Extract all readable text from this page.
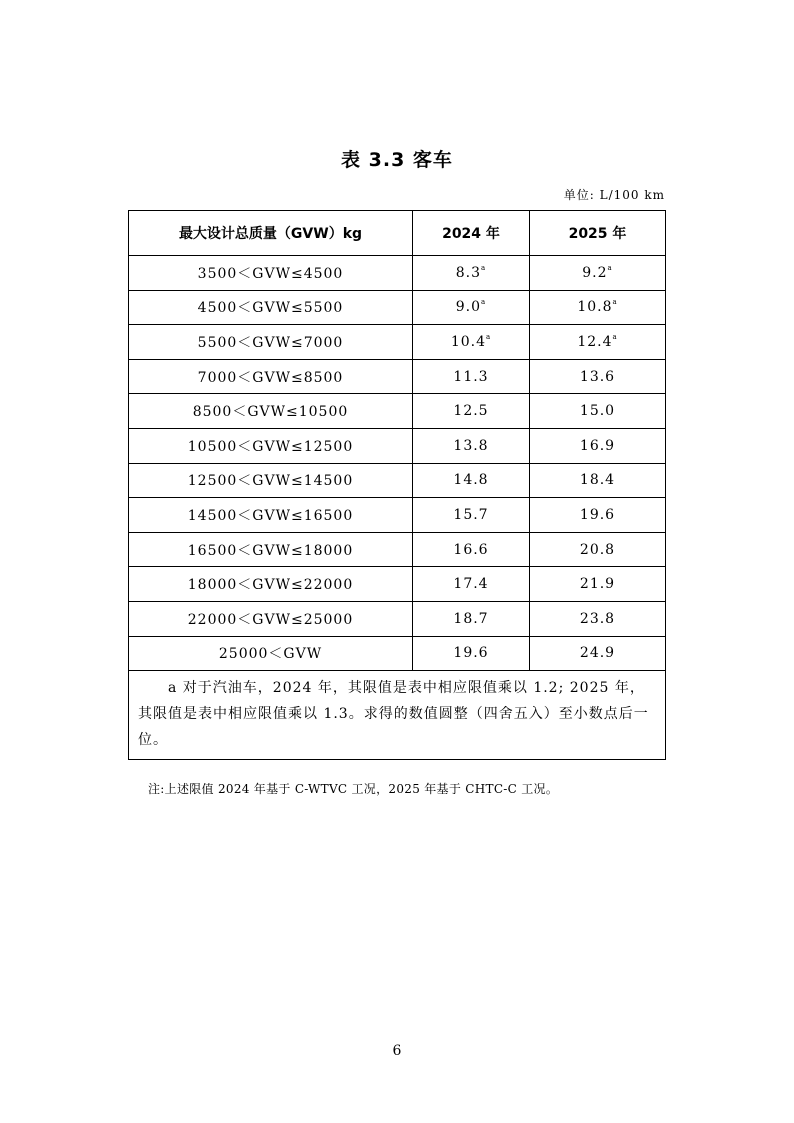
表 3.3 客车
单位: L/100 km
最大设计总质量（GVW）kg	2024 年	2025 年
3500＜GVW≤4500	8.3$^a$	9.2$^a$
4500＜GVW≤5500	9.0$^a$	10.8$^a$
5500＜GVW≤7000	10.4$^a$	12.4$^a$
7000＜GVW≤8500	11.3	13.6
8500＜GVW≤10500	12.5	15.0
10500＜GVW≤12500	13.8	16.9
12500＜GVW≤14500	14.8	18.4
14500＜GVW≤16500	15.7	19.6
16500＜GVW≤18000	16.6	20.8
18000＜GVW≤22000	17.4	21.9
22000＜GVW≤25000	18.7	23.8
25000＜GVW	19.6	24.9

a 对于汽油车，2024 年，其限值是表中相应限值乘以 1.2; 2025 年，其限值是表中相应限值乘以 1.3。求得的数值圆整（四舍五入）至小数点后一位。		
注:上述限值 2024 年基于 C-WTVC 工况，2025 年基于 CHTC-C 工况。
6
